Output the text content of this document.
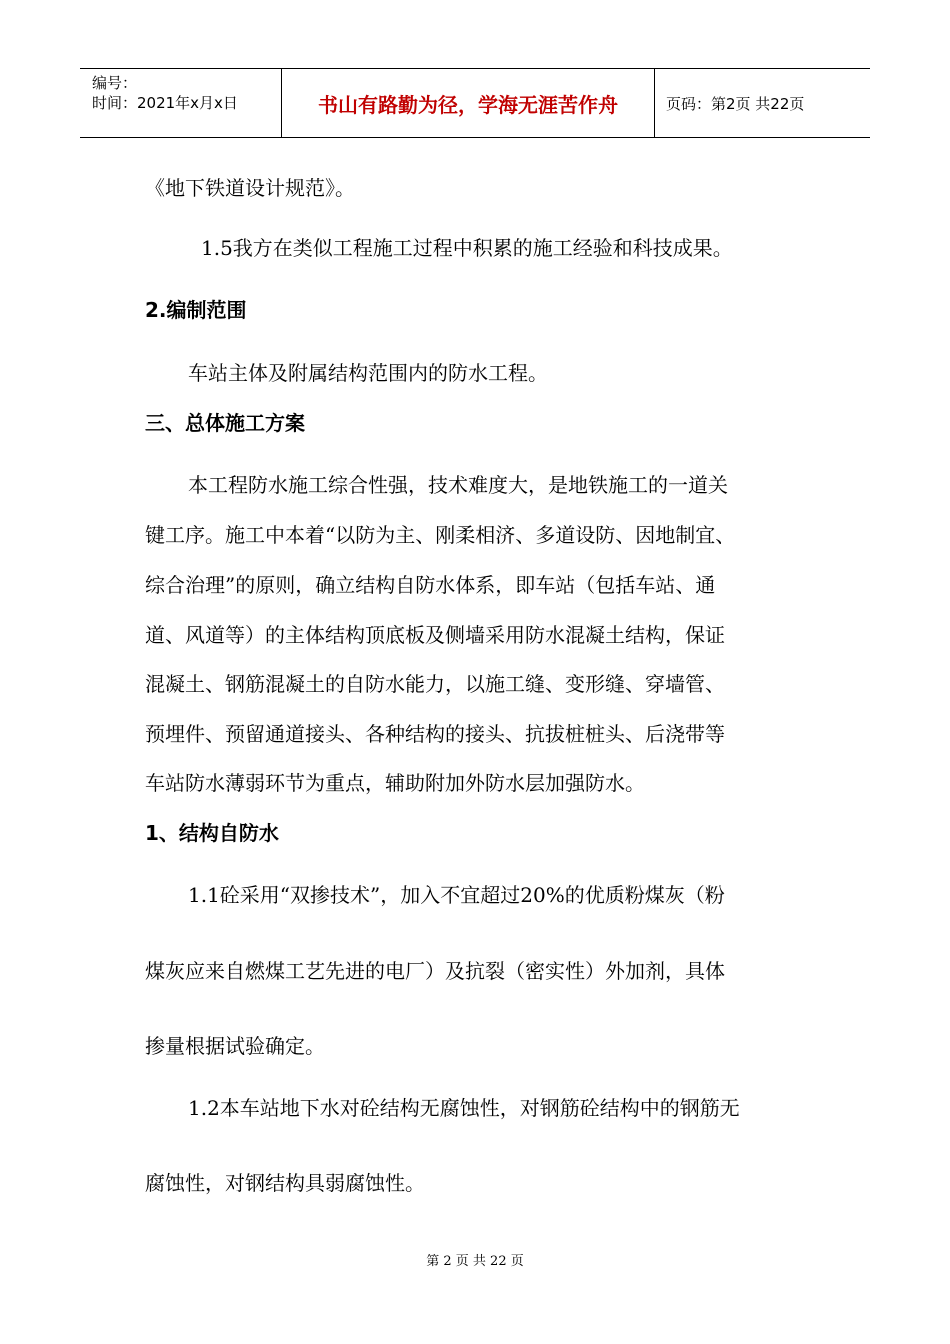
编号：
时间：2021年x月x日	书山有路勤为径，学海无涯苦作舟	页码：第2页 共22页
《地下铁道设计规范》。
1.5我方在类似工程施工过程中积累的施工经验和科技成果。
2.编制范围
车站主体及附属结构范围内的防水工程。
三、总体施工方案
本工程防水施工综合性强，技术难度大，是地铁施工的一道关
键工序。施工中本着“以防为主、刚柔相济、多道设防、因地制宜、
综合治理”的原则，确立结构自防水体系，即车站（包括车站、通
道、风道等）的主体结构顶底板及侧墙采用防水混凝土结构，保证
混凝土、钢筋混凝土的自防水能力，以施工缝、变形缝、穿墙管、
预埋件、预留通道接头、各种结构的接头、抗拔桩桩头、后浇带等
车站防水薄弱环节为重点，辅助附加外防水层加强防水。
1、结构自防水
1.1砼采用“双掺技术”，加入不宜超过20%的优质粉煤灰（粉
煤灰应来自燃煤工艺先进的电厂）及抗裂（密实性）外加剂，具体
掺量根据试验确定。
1.2本车站地下水对砼结构无腐蚀性，对钢筋砼结构中的钢筋无
腐蚀性，对钢结构具弱腐蚀性。
第 2 页 共 22 页
